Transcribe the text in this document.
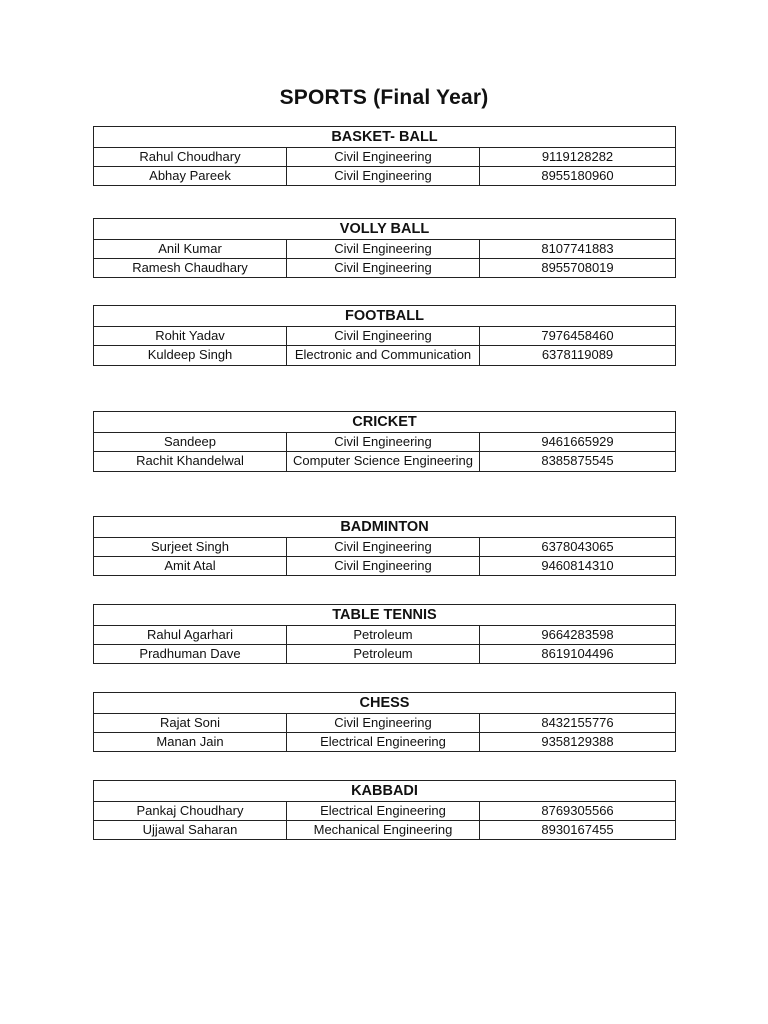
SPORTS (Final Year)
BASKET- BALL		
Rahul Choudhary	Civil Engineering	9119128282
Abhay Pareek	Civil Engineering	8955180960
VOLLY BALL		
Anil Kumar	Civil Engineering	8107741883
Ramesh Chaudhary	Civil Engineering	8955708019
FOOTBALL		
Rohit Yadav	Civil Engineering	7976458460
Kuldeep Singh	Electronic and Communication	6378119089
CRICKET		
Sandeep	Civil Engineering	9461665929
Rachit Khandelwal	Computer Science Engineering	8385875545
BADMINTON		
Surjeet Singh	Civil Engineering	6378043065
Amit Atal	Civil Engineering	9460814310
TABLE TENNIS		
Rahul Agarhari	Petroleum	9664283598
Pradhuman Dave	Petroleum	8619104496
CHESS		
Rajat Soni	Civil Engineering	8432155776
Manan Jain	Electrical Engineering	9358129388
KABBADI		
Pankaj Choudhary	Electrical Engineering	8769305566
Ujjawal Saharan	Mechanical Engineering	8930167455
